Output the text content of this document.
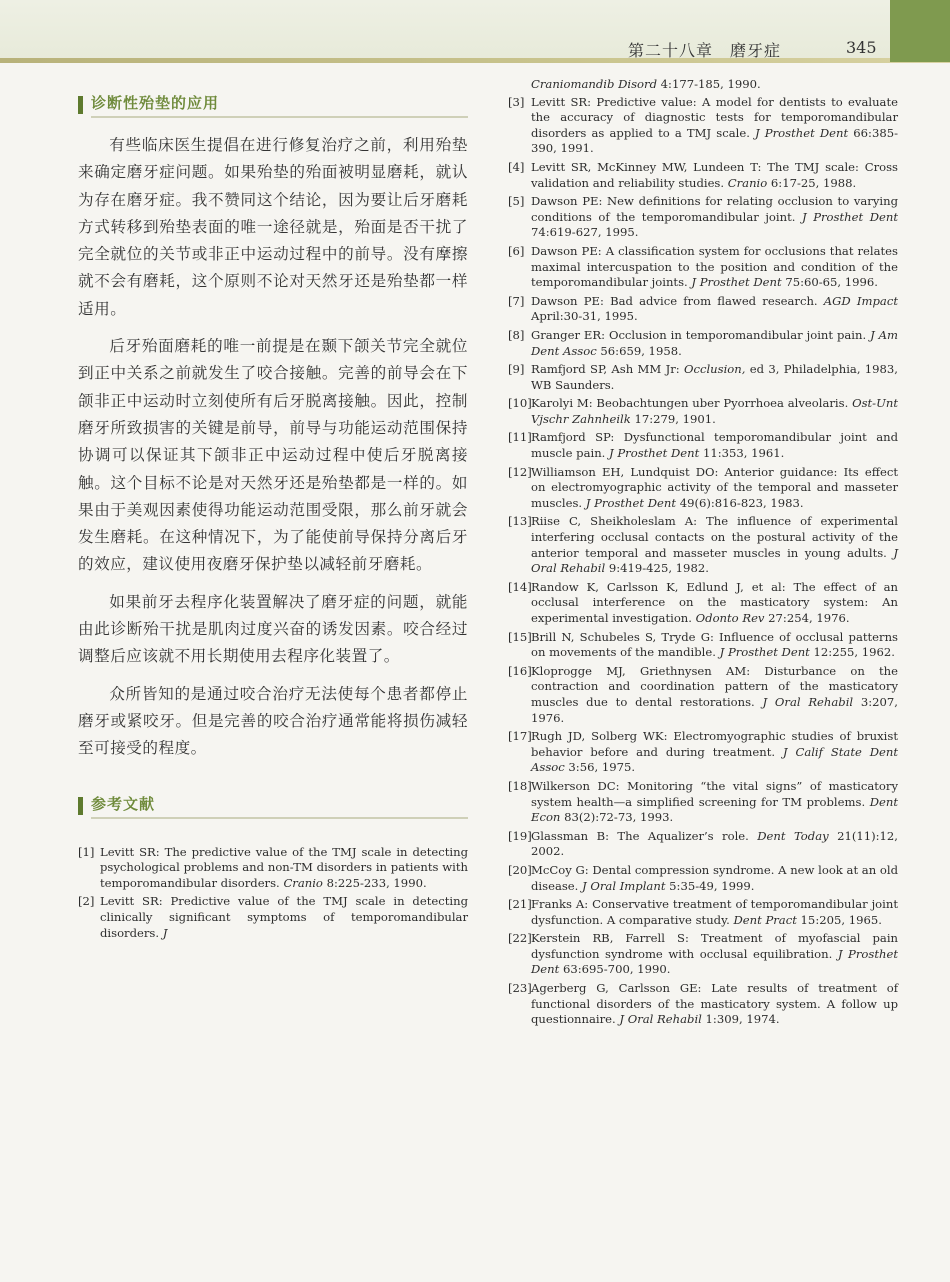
第二十八章　磨牙症	345
诊断性殆垫的应用

有些临床医生提倡在进行修复治疗之前，利用殆垫来确定磨牙症问题。如果殆垫的殆面被明显磨耗，就认为存在磨牙症。我不赞同这个结论，因为要让后牙磨耗方式转移到殆垫表面的唯一途径就是，殆面是否干扰了完全就位的关节或非正中运动过程中的前导。没有摩擦就不会有磨耗，这个原则不论对天然牙还是殆垫都一样适用。

后牙殆面磨耗的唯一前提是在颞下颌关节完全就位到正中关系之前就发生了咬合接触。完善的前导会在下颌非正中运动时立刻使所有后牙脱离接触。因此，控制磨牙所致损害的关键是前导，前导与功能运动范围保持协调可以保证其下颌非正中运动过程中使后牙脱离接触。这个目标不论是对天然牙还是殆垫都是一样的。如果由于美观因素使得功能运动范围受限，那么前牙就会发生磨耗。在这种情况下，为了能使前导保持分离后牙的效应，建议使用夜磨牙保护垫以减轻前牙磨耗。

如果前牙去程序化装置解决了磨牙症的问题，就能由此诊断殆干扰是肌肉过度兴奋的诱发因素。咬合经过调整后应该就不用长期使用去程序化装置了。

众所皆知的是通过咬合治疗无法使每个患者都停止磨牙或紧咬牙。但是完善的咬合治疗通常能将损伤减轻至可接受的程度。

参考文献
[1] Levitt SR: The predictive value of the TMJ scale in detecting psychological problems and non-TM disorders in patients with temporomandibular disorders. Cranio 8:225-233, 1990.
[2] Levitt SR: Predictive value of the TMJ scale in detecting clinically significant symptoms of temporomandibular disorders. J
Craniomandib Disord 4:177-185, 1990.
[3] Levitt SR: Predictive value: A model for dentists to evaluate the accuracy of diagnostic tests for temporomandibular disorders as applied to a TMJ scale. J Prosthet Dent 66:385-390, 1991.
[4] Levitt SR, McKinney MW, Lundeen T: The TMJ scale: Cross validation and reliability studies. Cranio 6:17-25, 1988.
[5] Dawson PE: New definitions for relating occlusion to varying conditions of the temporomandibular joint. J Prosthet Dent 74:619-627, 1995.
[6] Dawson PE: A classification system for occlusions that relates maximal intercuspation to the position and condition of the temporomandibular joints. J Prosthet Dent 75:60-65, 1996.
[7] Dawson PE: Bad advice from flawed research. AGD Impact April:30-31, 1995.
[8] Granger ER: Occlusion in temporomandibular joint pain. J Am Dent Assoc 56:659, 1958.
[9] Ramfjord SP, Ash MM Jr: Occlusion, ed 3, Philadelphia, 1983, WB Saunders.
[10] Karolyi M: Beobachtungen uber Pyorrhoea alveolaris. Ost-Unt Vjschr Zahnheilk 17:279, 1901.
[11] Ramfjord SP: Dysfunctional temporomandibular joint and muscle pain. J Prosthet Dent 11:353, 1961.
[12] Williamson EH, Lundquist DO: Anterior guidance: Its effect on electromyographic activity of the temporal and masseter muscles. J Prosthet Dent 49(6):816-823, 1983.
[13] Riise C, Sheikholeslam A: The influence of experimental interfering occlusal contacts on the postural activity of the anterior temporal and masseter muscles in young adults. J Oral Rehabil 9:419-425, 1982.
[14] Randow K, Carlsson K, Edlund J, et al: The effect of an occlusal interference on the masticatory system: An experimental investigation. Odonto Rev 27:254, 1976.
[15] Brill N, Schubeles S, Tryde G: Influence of occlusal patterns on movements of the mandible. J Prosthet Dent 12:255, 1962.
[16] Kloprogge MJ, Griethnysen AM: Disturbance on the contraction and coordination pattern of the masticatory muscles due to dental restorations. J Oral Rehabil 3:207, 1976.
[17] Rugh JD, Solberg WK: Electromyographic studies of bruxist behavior before and during treatment. J Calif State Dent Assoc 3:56, 1975.
[18] Wilkerson DC: Monitoring “the vital signs” of masticatory system health—a simplified screening for TM problems. Dent Econ 83(2):72-73, 1993.
[19] Glassman B: The Aqualizer’s role. Dent Today 21(11):12, 2002.
[20] McCoy G: Dental compression syndrome. A new look at an old disease. J Oral Implant 5:35-49, 1999.
[21] Franks A: Conservative treatment of temporomandibular joint dysfunction. A comparative study. Dent Pract 15:205, 1965.
[22] Kerstein RB, Farrell S: Treatment of myofascial pain dysfunction syndrome with occlusal equilibration. J Prosthet Dent 63:695-700, 1990.
[23] Agerberg G, Carlsson GE: Late results of treatment of functional disorders of the masticatory system. A follow up questionnaire. J Oral Rehabil 1:309, 1974.
